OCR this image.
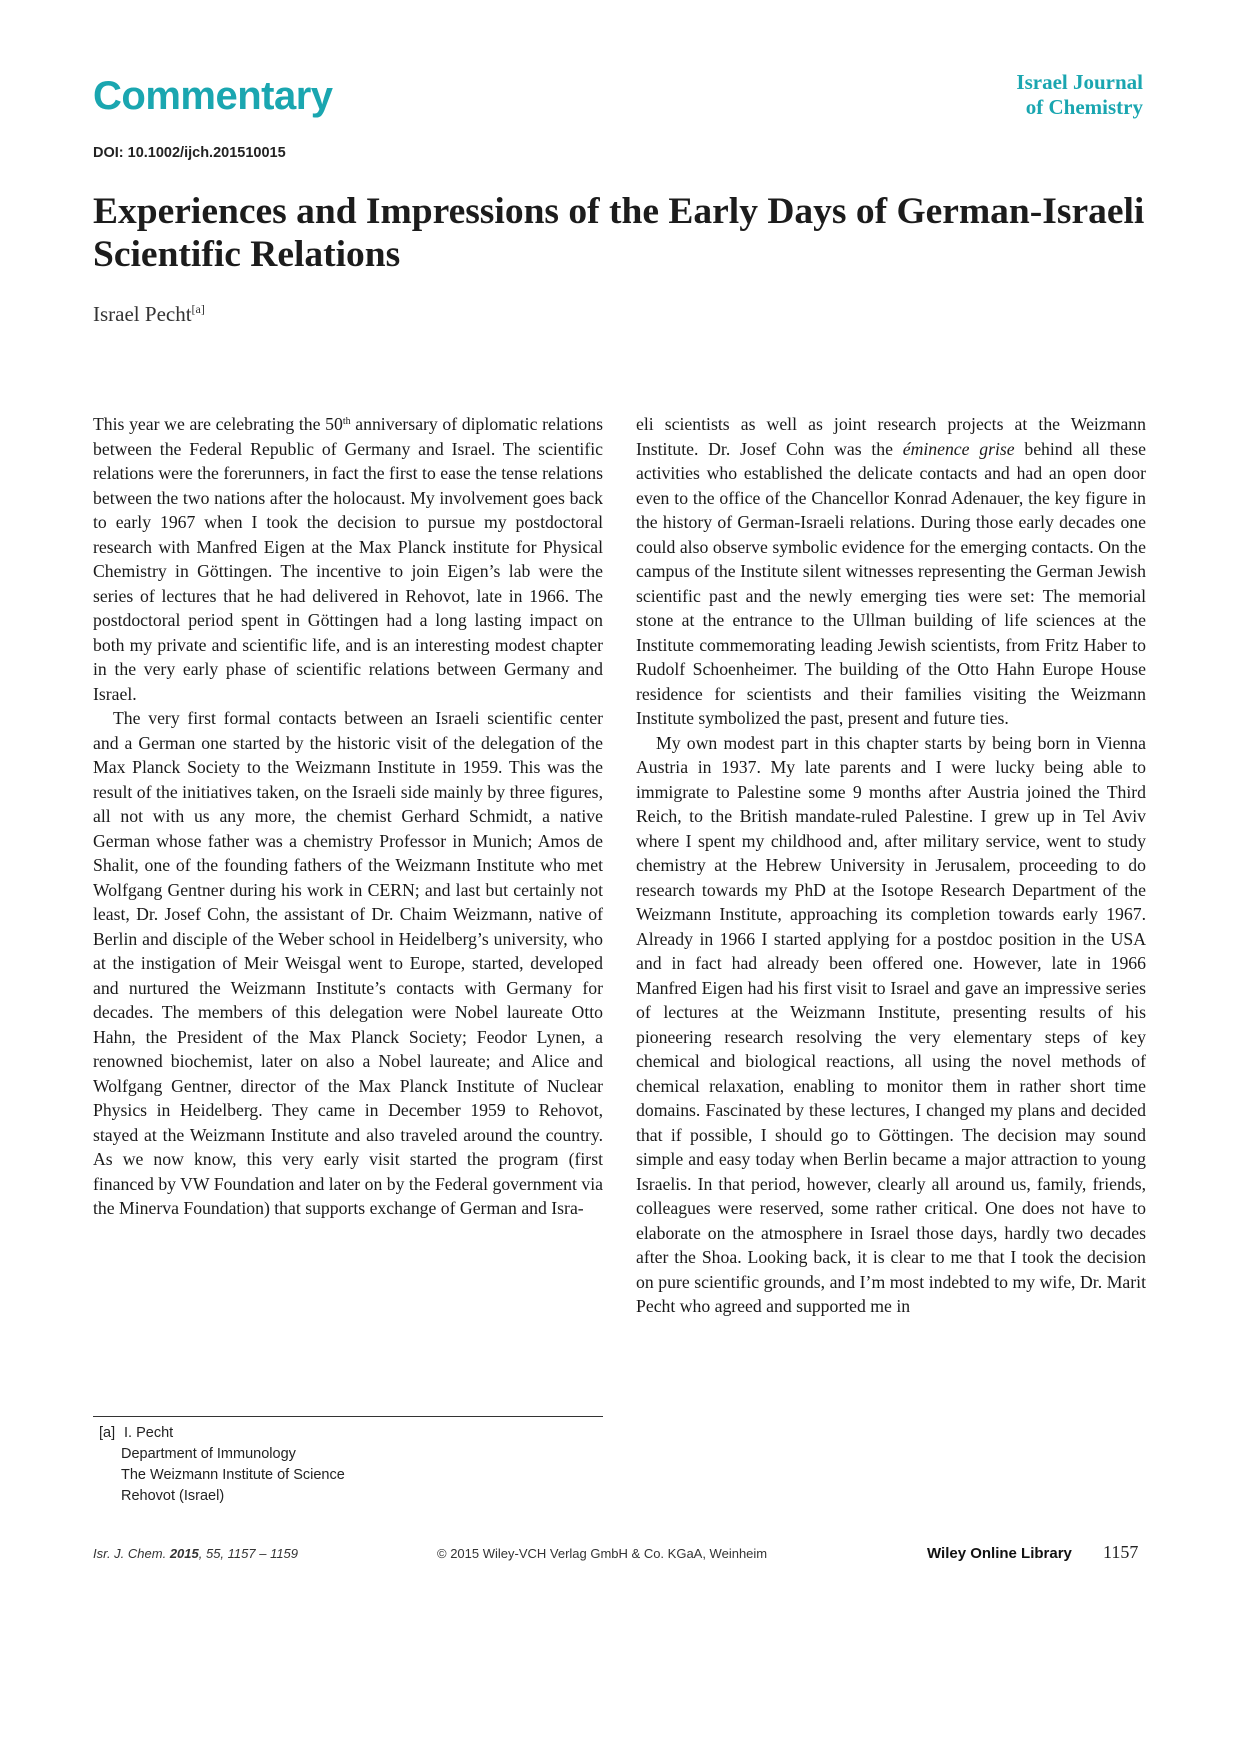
Commentary	Israel Journal
of Chemistry
DOI: 10.1002/ijch.201510015
Experiences and Impressions of the Early Days of German-Israeli Scientific Relations
Israel Pecht[a]

This year we are celebrating the 50th anniversary of diplomatic relations between the Federal Republic of Germany and Israel. The scientific relations were the forerunners, in fact the first to ease the tense relations between the two nations after the holocaust. My involvement goes back to early 1967 when I took the decision to pursue my postdoctoral research with Manfred Eigen at the Max Planck institute for Physical Chemistry in Göttingen. The incentive to join Eigen’s lab were the series of lectures that he had delivered in Rehovot, late in 1966. The postdoctoral period spent in Göttingen had a long lasting impact on both my private and scientific life, and is an interesting modest chapter in the very early phase of scientific relations between Germany and Israel.

The very first formal contacts between an Israeli scientific center and a German one started by the historic visit of the delegation of the Max Planck Society to the Weizmann Institute in 1959. This was the result of the initiatives taken, on the Israeli side mainly by three figures, all not with us any more, the chemist Gerhard Schmidt, a native German whose father was a chemistry Professor in Munich; Amos de Shalit, one of the founding fathers of the Weizmann Institute who met Wolfgang Gentner during his work in CERN; and last but certainly not least, Dr. Josef Cohn, the assistant of Dr. Chaim Weizmann, native of Berlin and disciple of the Weber school in Heidelberg’s university, who at the instigation of Meir Weisgal went to Europe, started, developed and nurtured the Weizmann Institute’s contacts with Germany for decades. The members of this delegation were Nobel laureate Otto Hahn, the President of the Max Planck Society; Feodor Lynen, a renowned biochemist, later on also a Nobel laureate; and Alice and Wolfgang Gentner, director of the Max Planck Institute of Nuclear Physics in Heidelberg. They came in December 1959 to Rehovot, stayed at the Weizmann Institute and also traveled around the country. As we now know, this very early visit started the program (first financed by VW Foundation and later on by the Federal government via the Minerva Foundation) that supports exchange of German and Isra-

eli scientists as well as joint research projects at the Weizmann Institute. Dr. Josef Cohn was the éminence grise behind all these activities who established the delicate contacts and had an open door even to the office of the Chancellor Konrad Adenauer, the key figure in the history of German-Israeli relations. During those early decades one could also observe symbolic evidence for the emerging contacts. On the campus of the Institute silent witnesses representing the German Jewish scientific past and the newly emerging ties were set: The memorial stone at the entrance to the Ullman building of life sciences at the Institute commemorating leading Jewish scientists, from Fritz Haber to Rudolf Schoenheimer. The building of the Otto Hahn Europe House residence for scientists and their families visiting the Weizmann Institute symbolized the past, present and future ties.

My own modest part in this chapter starts by being born in Vienna Austria in 1937. My late parents and I were lucky being able to immigrate to Palestine some 9 months after Austria joined the Third Reich, to the British mandate-ruled Palestine. I grew up in Tel Aviv where I spent my childhood and, after military service, went to study chemistry at the Hebrew University in Jerusalem, proceeding to do research towards my PhD at the Isotope Research Department of the Weizmann Institute, approaching its completion towards early 1967. Already in 1966 I started applying for a postdoc position in the USA and in fact had already been offered one. However, late in 1966 Manfred Eigen had his first visit to Israel and gave an impressive series of lectures at the Weizmann Institute, presenting results of his pioneering research resolving the very elementary steps of key chemical and biological reactions, all using the novel methods of chemical relaxation, enabling to monitor them in rather short time domains. Fascinated by these lectures, I changed my plans and decided that if possible, I should go to Göttingen. The decision may sound simple and easy today when Berlin became a major attraction to young Israelis. In that period, however, clearly all around us, family, friends, colleagues were reserved, some rather critical. One does not have to elaborate on the atmosphere in Israel those days, hardly two decades after the Shoa. Looking back, it is clear to me that I took the decision on pure scientific grounds, and I’m most indebted to my wife, Dr. Marit Pecht who agreed and supported me in

[a] I. Pecht
Department of Immunology
The Weizmann Institute of Science
Rehovot (Israel)
Isr. J. Chem. 2015, 55, 1157 – 1159	© 2015 Wiley-VCH Verlag GmbH & Co. KGaA, Weinheim	Wiley Online Library 1157
